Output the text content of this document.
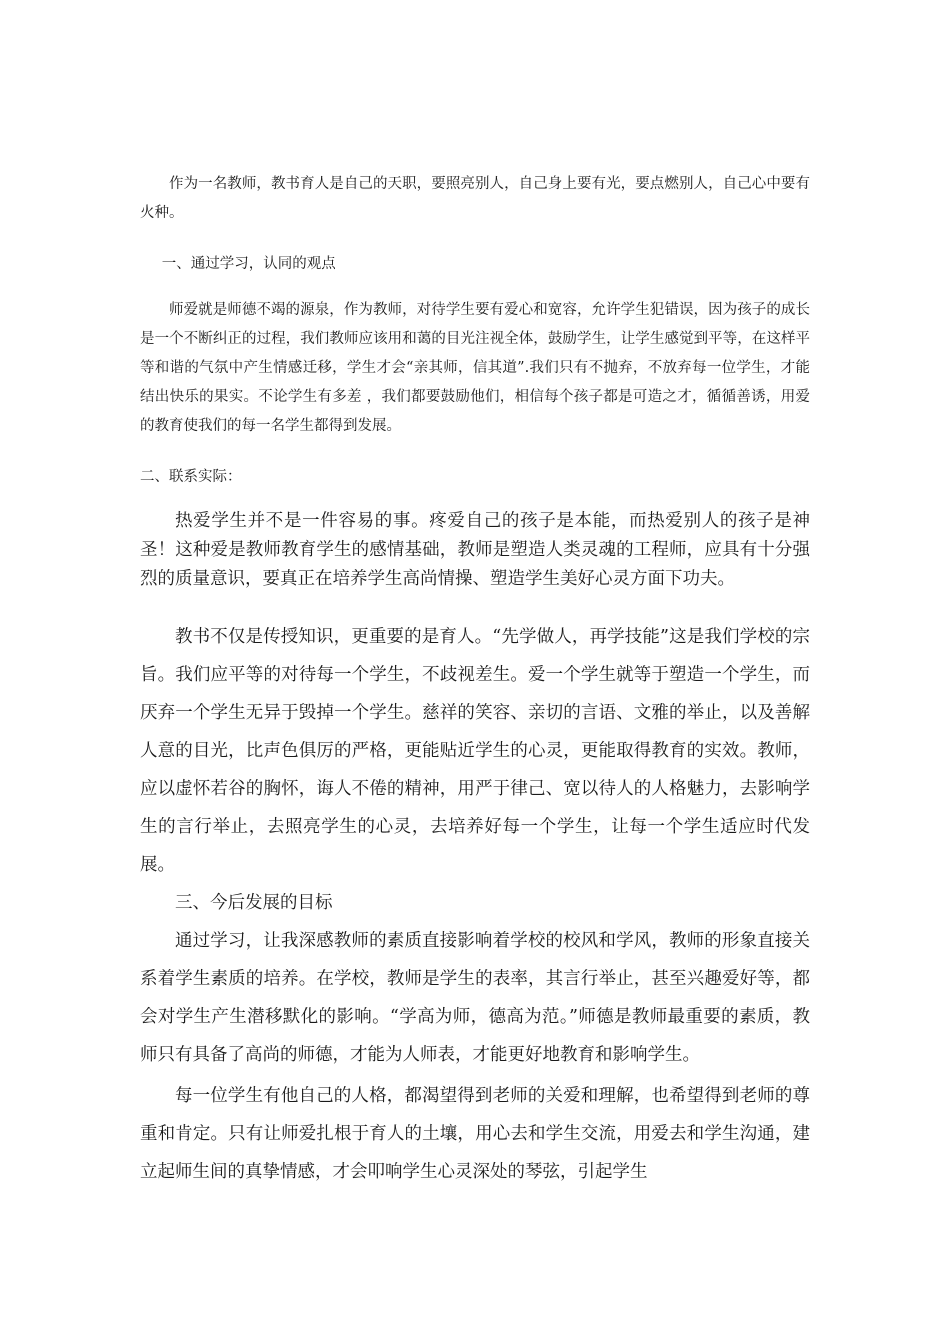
作为一名教师，教书育人是自己的天职，要照亮别人，自己身上要有光，要点燃别人，自己心中要有火种。

一、通过学习，认同的观点

师爱就是师德不竭的源泉，作为教师，对待学生要有爱心和宽容，允许学生犯错误，因为孩子的成长是一个不断纠正的过程，我们教师应该用和蔼的目光注视全体，鼓励学生，让学生感觉到平等，在这样平等和谐的气氛中产生情感迁移，学生才会“亲其师，信其道”.我们只有不抛弃，不放弃每一位学生，才能结出快乐的果实。不论学生有多差 ，我们都要鼓励他们，相信每个孩子都是可造之才，循循善诱，用爱的教育使我们的每一名学生都得到发展。

二、联系实际：

热爱学生并不是一件容易的事。疼爱自己的孩子是本能，而热爱别人的孩子是神圣！这种爱是教师教育学生的感情基础，教师是塑造人类灵魂的工程师，应具有十分强烈的质量意识，要真正在培养学生高尚情操、塑造学生美好心灵方面下功夫。

教书不仅是传授知识，更重要的是育人。“先学做人，再学技能”这是我们学校的宗旨。我们应平等的对待每一个学生，不歧视差生。爱一个学生就等于塑造一个学生，而厌弃一个学生无异于毁掉一个学生。慈祥的笑容、亲切的言语、文雅的举止，以及善解人意的目光，比声色俱厉的严格，更能贴近学生的心灵，更能取得教育的实效。教师，应以虚怀若谷的胸怀，诲人不倦的精神，用严于律己、宽以待人的人格魅力，去影响学生的言行举止，去照亮学生的心灵，去培养好每一个学生，让每一个学生适应时代发展。

三、今后发展的目标

通过学习，让我深感教师的素质直接影响着学校的校风和学风，教师的形象直接关系着学生素质的培养。在学校，教师是学生的表率，其言行举止，甚至兴趣爱好等，都会对学生产生潜移默化的影响。“学高为师，德高为范。”师德是教师最重要的素质，教师只有具备了高尚的师德，才能为人师表，才能更好地教育和影响学生。

每一位学生有他自己的人格，都渴望得到老师的关爱和理解，也希望得到老师的尊重和肯定。只有让师爱扎根于育人的土壤，用心去和学生交流，用爱去和学生沟通，建立起师生间的真挚情感，才会叩响学生心灵深处的琴弦，引起学生
